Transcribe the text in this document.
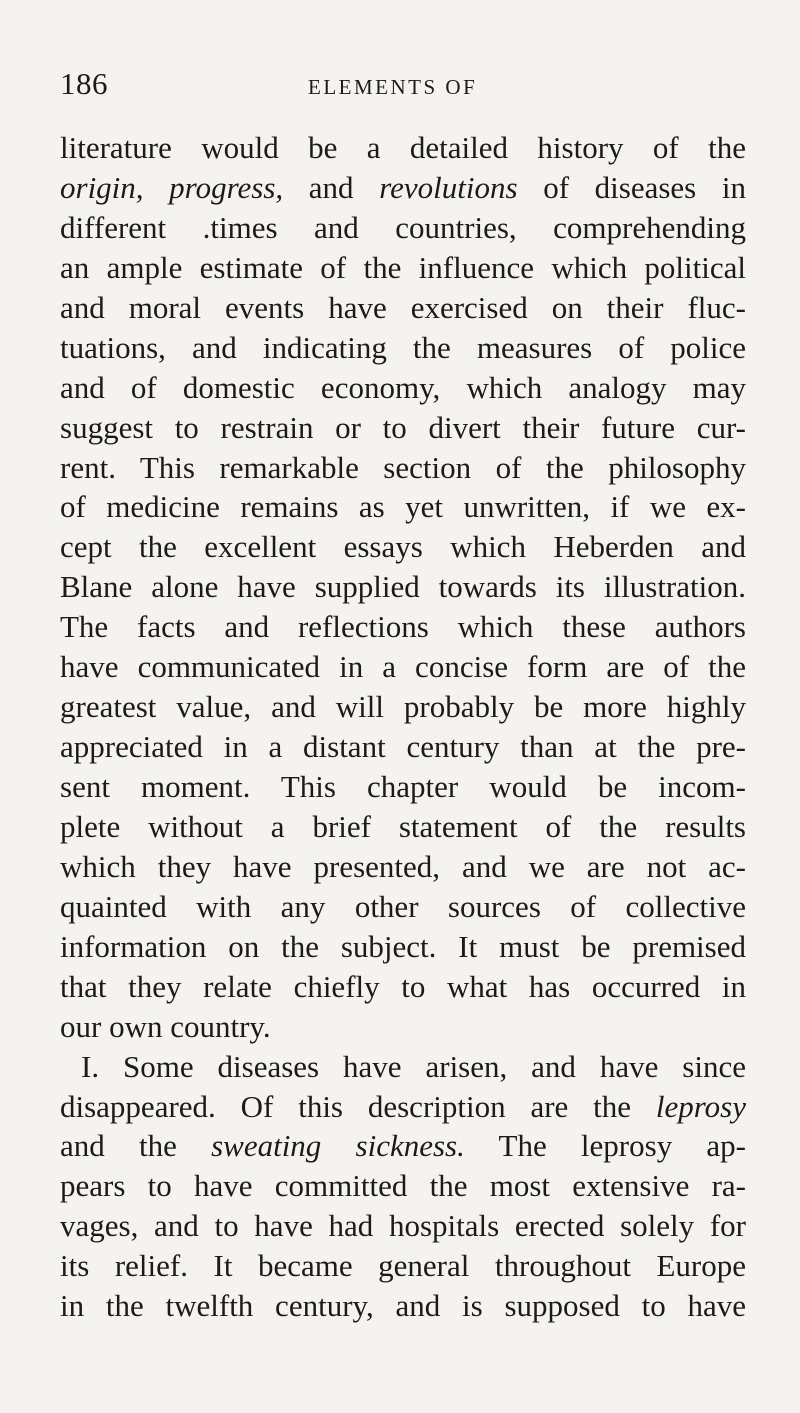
186	ELEMENTS OF
literature would be a detailed history of the
origin, progress, and revolutions of diseases in
different .times and countries, comprehending
an ample estimate of the influence which political
and moral events have exercised on their fluc-
tuations, and indicating the measures of police
and of domestic economy, which analogy may
suggest to restrain or to divert their future cur-
rent. This remarkable section of the philosophy
of medicine remains as yet unwritten, if we ex-
cept the excellent essays which Heberden and
Blane alone have supplied towards its illustration.
The facts and reflections which these authors
have communicated in a concise form are of the
greatest value, and will probably be more highly
appreciated in a distant century than at the pre-
sent moment. This chapter would be incom-
plete without a brief statement of the results
which they have presented, and we are not ac-
quainted with any other sources of collective
information on the subject. It must be premised
that they relate chiefly to what has occurred in
our own country.
I. Some diseases have arisen, and have since
disappeared. Of this description are the leprosy
and the sweating sickness. The leprosy ap-
pears to have committed the most extensive ra-
vages, and to have had hospitals erected solely for
its relief. It became general throughout Europe
in the twelfth century, and is supposed to have
